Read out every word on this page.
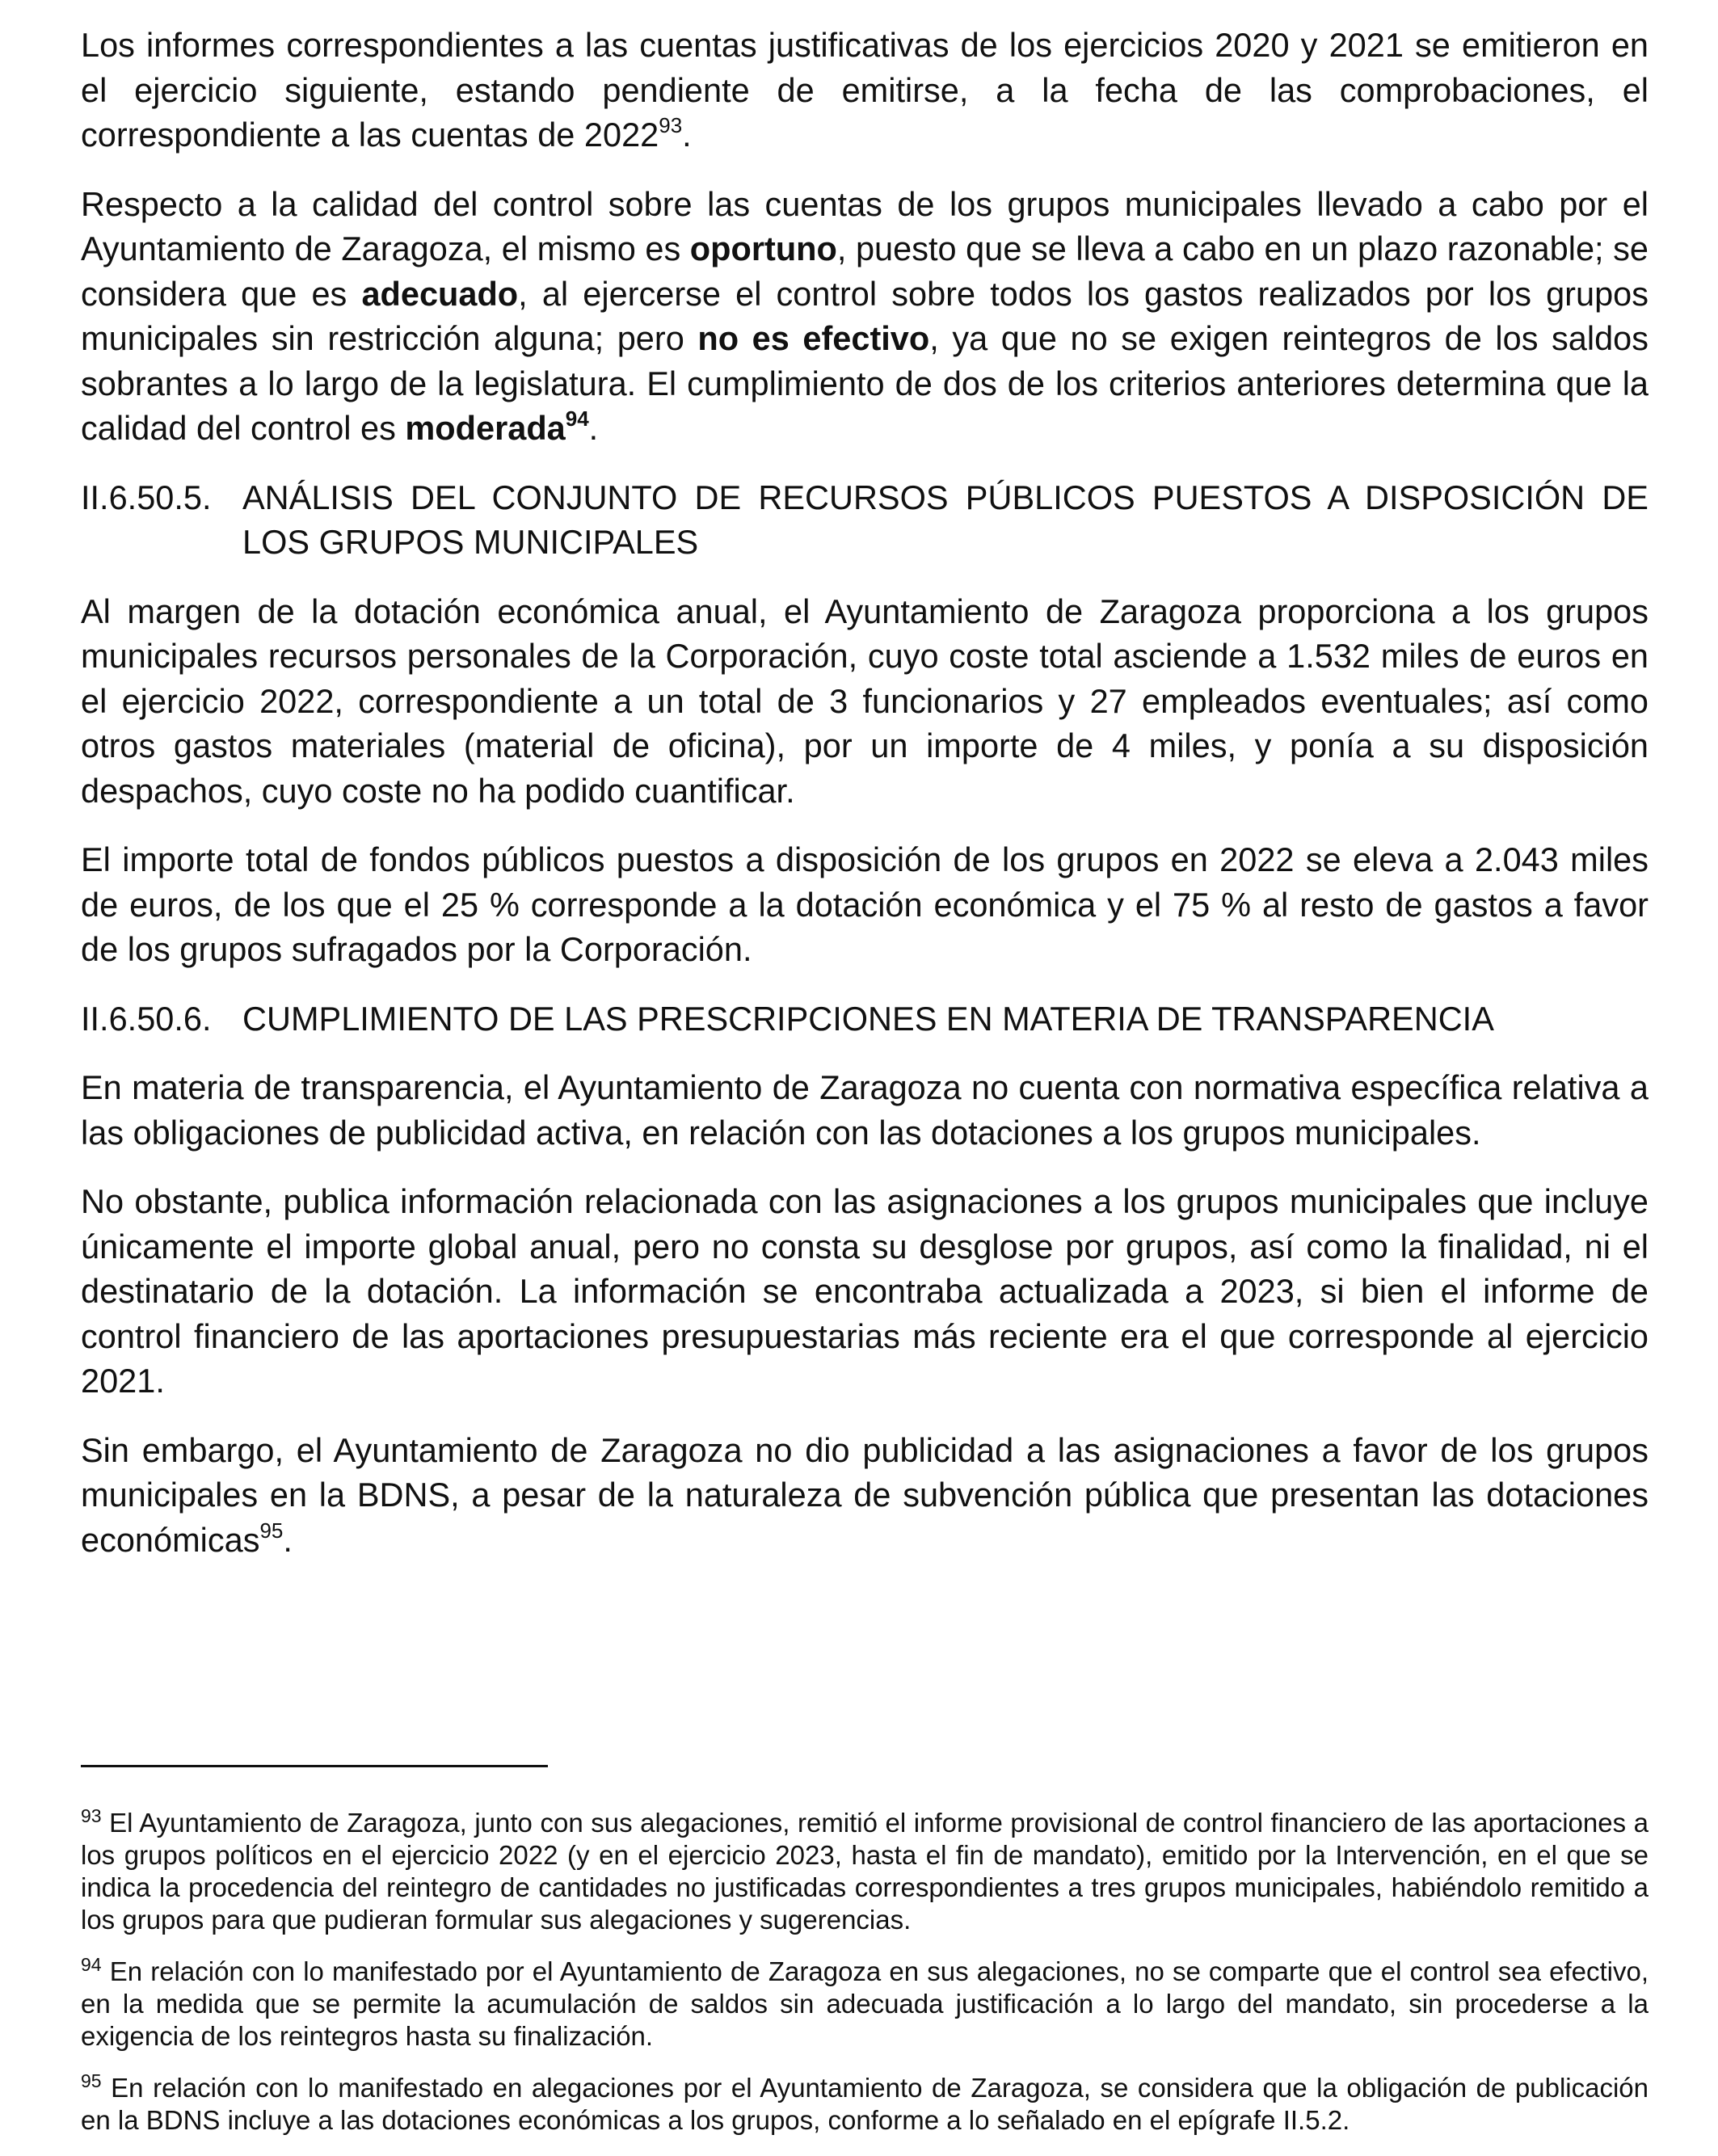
Los informes correspondientes a las cuentas justificativas de los ejercicios 2020 y 2021 se emitieron en el ejercicio siguiente, estando pendiente de emitirse, a la fecha de las comprobaciones, el correspondiente a las cuentas de 2022$^{93}$.

Respecto a la calidad del control sobre las cuentas de los grupos municipales llevado a cabo por el Ayuntamiento de Zaragoza, el mismo es oportuno, puesto que se lleva a cabo en un plazo razonable; se considera que es adecuado, al ejercerse el control sobre todos los gastos realizados por los grupos municipales sin restricción alguna; pero no es efectivo, ya que no se exigen reintegros de los saldos sobrantes a lo largo de la legislatura. El cumplimiento de dos de los criterios anteriores determina que la calidad del control es moderada$^{94}$.

II.6.50.5. ANÁLISIS DEL CONJUNTO DE RECURSOS PÚBLICOS PUESTOS A DISPOSICIÓN DE LOS GRUPOS MUNICIPALES

Al margen de la dotación económica anual, el Ayuntamiento de Zaragoza proporciona a los grupos municipales recursos personales de la Corporación, cuyo coste total asciende a 1.532 miles de euros en el ejercicio 2022, correspondiente a un total de 3 funcionarios y 27 empleados eventuales; así como otros gastos materiales (material de oficina), por un importe de 4 miles, y ponía a su disposición despachos, cuyo coste no ha podido cuantificar.

El importe total de fondos públicos puestos a disposición de los grupos en 2022 se eleva a 2.043 miles de euros, de los que el 25 % corresponde a la dotación económica y el 75 % al resto de gastos a favor de los grupos sufragados por la Corporación.

II.6.50.6. CUMPLIMIENTO DE LAS PRESCRIPCIONES EN MATERIA DE TRANSPARENCIA

En materia de transparencia, el Ayuntamiento de Zaragoza no cuenta con normativa específica relativa a las obligaciones de publicidad activa, en relación con las dotaciones a los grupos municipales.

No obstante, publica información relacionada con las asignaciones a los grupos municipales que incluye únicamente el importe global anual, pero no consta su desglose por grupos, así como la finalidad, ni el destinatario de la dotación. La información se encontraba actualizada a 2023, si bien el informe de control financiero de las aportaciones presupuestarias más reciente era el que corresponde al ejercicio 2021.

Sin embargo, el Ayuntamiento de Zaragoza no dio publicidad a las asignaciones a favor de los grupos municipales en la BDNS, a pesar de la naturaleza de subvención pública que presentan las dotaciones económicas$^{95}$.

$^{93}$ El Ayuntamiento de Zaragoza, junto con sus alegaciones, remitió el informe provisional de control financiero de las aportaciones a los grupos políticos en el ejercicio 2022 (y en el ejercicio 2023, hasta el fin de mandato), emitido por la Intervención, en el que se indica la procedencia del reintegro de cantidades no justificadas correspondientes a tres grupos municipales, habiéndolo remitido a los grupos para que pudieran formular sus alegaciones y sugerencias.

$^{94}$ En relación con lo manifestado por el Ayuntamiento de Zaragoza en sus alegaciones, no se comparte que el control sea efectivo, en la medida que se permite la acumulación de saldos sin adecuada justificación a lo largo del mandato, sin procederse a la exigencia de los reintegros hasta su finalización.

$^{95}$ En relación con lo manifestado en alegaciones por el Ayuntamiento de Zaragoza, se considera que la obligación de publicación en la BDNS incluye a las dotaciones económicas a los grupos, conforme a lo señalado en el epígrafe II.5.2.
